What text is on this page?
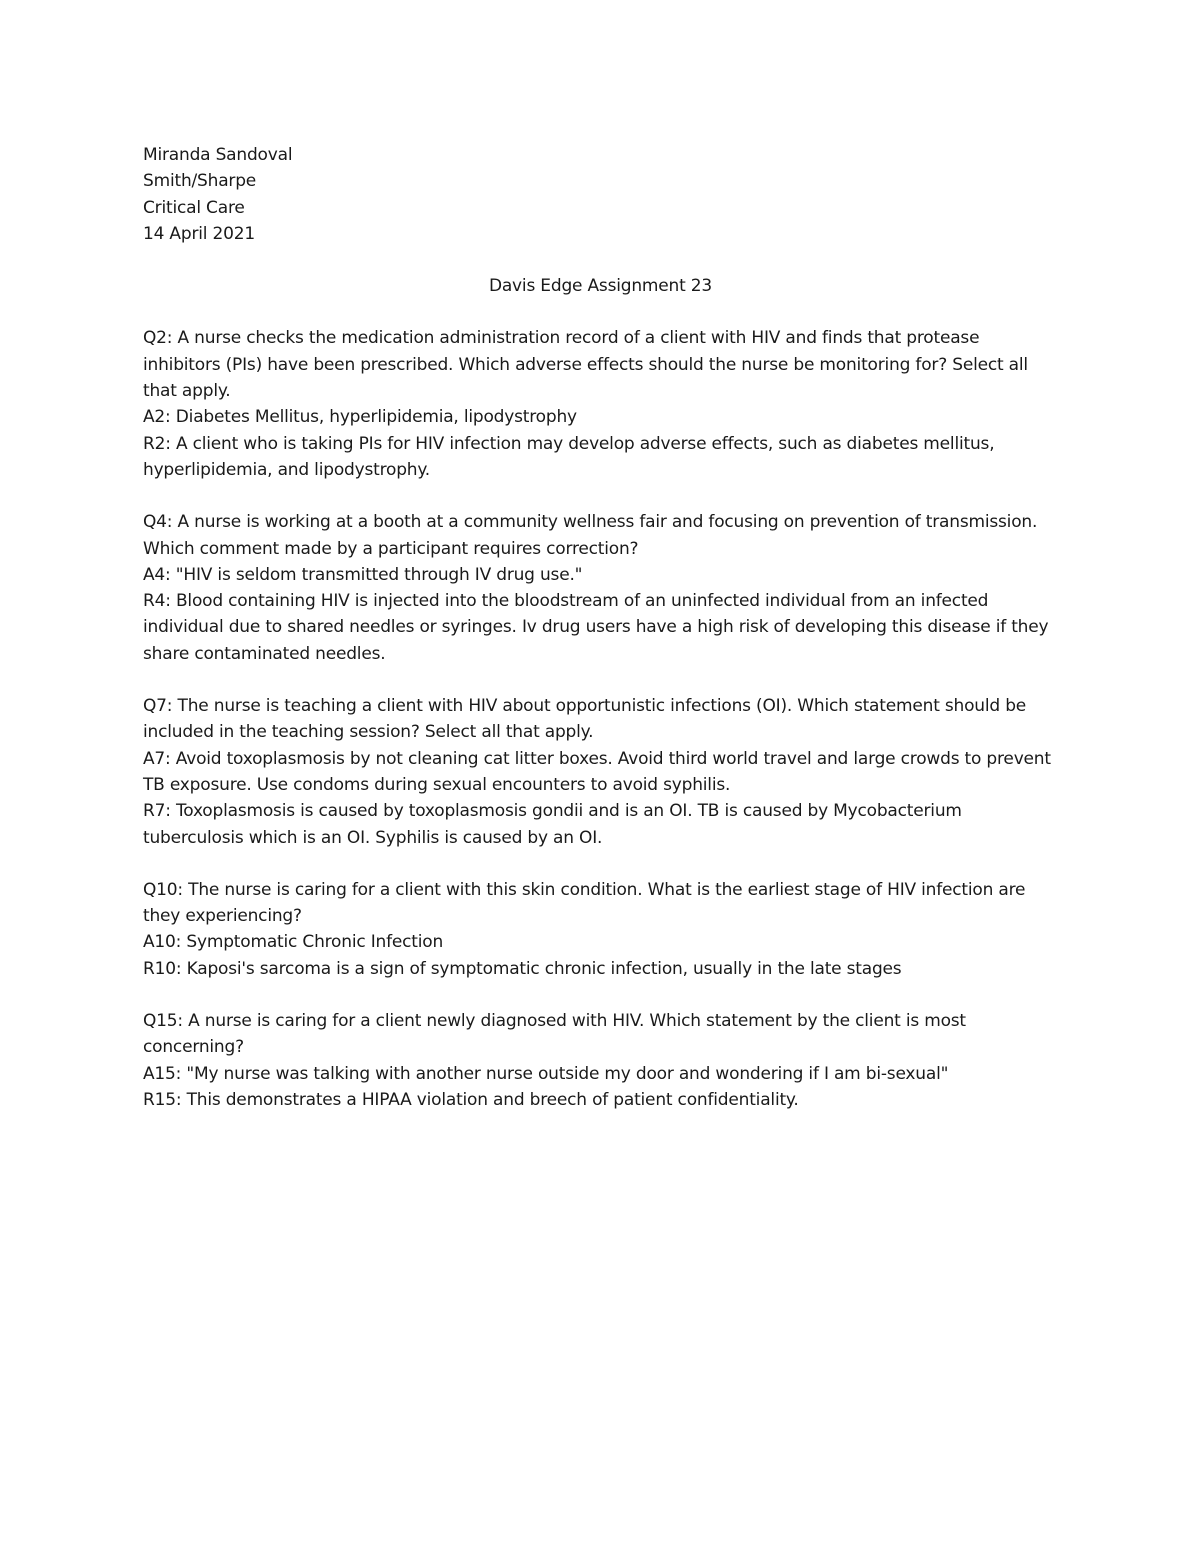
Miranda Sandoval
Smith/Sharpe
Critical Care
14 April 2021
Davis Edge Assignment 23
Q2: A nurse checks the medication administration record of a client with HIV and finds that protease inhibitors (PIs) have been prescribed. Which adverse effects should the nurse be monitoring for? Select all that apply.
A2: Diabetes Mellitus, hyperlipidemia, lipodystrophy
R2: A client who is taking PIs for HIV infection may develop adverse effects, such as diabetes mellitus, hyperlipidemia, and lipodystrophy.
Q4: A nurse is working at a booth at a community wellness fair and focusing on prevention of transmission. Which comment made by a participant requires correction?
A4: "HIV is seldom transmitted through IV drug use."
R4: Blood containing HIV is injected into the bloodstream of an uninfected individual from an infected individual due to shared needles or syringes. Iv drug users have a high risk of developing this disease if they share contaminated needles.
Q7: The nurse is teaching a client with HIV about opportunistic infections (OI). Which statement should be included in the teaching session? Select all that apply.
A7: Avoid toxoplasmosis by not cleaning cat litter boxes. Avoid third world travel and large crowds to prevent TB exposure. Use condoms during sexual encounters to avoid syphilis.
R7: Toxoplasmosis is caused by toxoplasmosis gondii and is an OI. TB is caused by Mycobacterium tuberculosis which is an OI. Syphilis is caused by an OI.
Q10: The nurse is caring for a client with this skin condition. What is the earliest stage of HIV infection are they experiencing?
A10: Symptomatic Chronic Infection
R10: Kaposi's sarcoma is a sign of symptomatic chronic infection, usually in the late stages
Q15: A nurse is caring for a client newly diagnosed with HIV. Which statement by the client is most concerning?
A15: "My nurse was talking with another nurse outside my door and wondering if I am bi-sexual"
R15: This demonstrates a HIPAA violation and breech of patient confidentiality.
